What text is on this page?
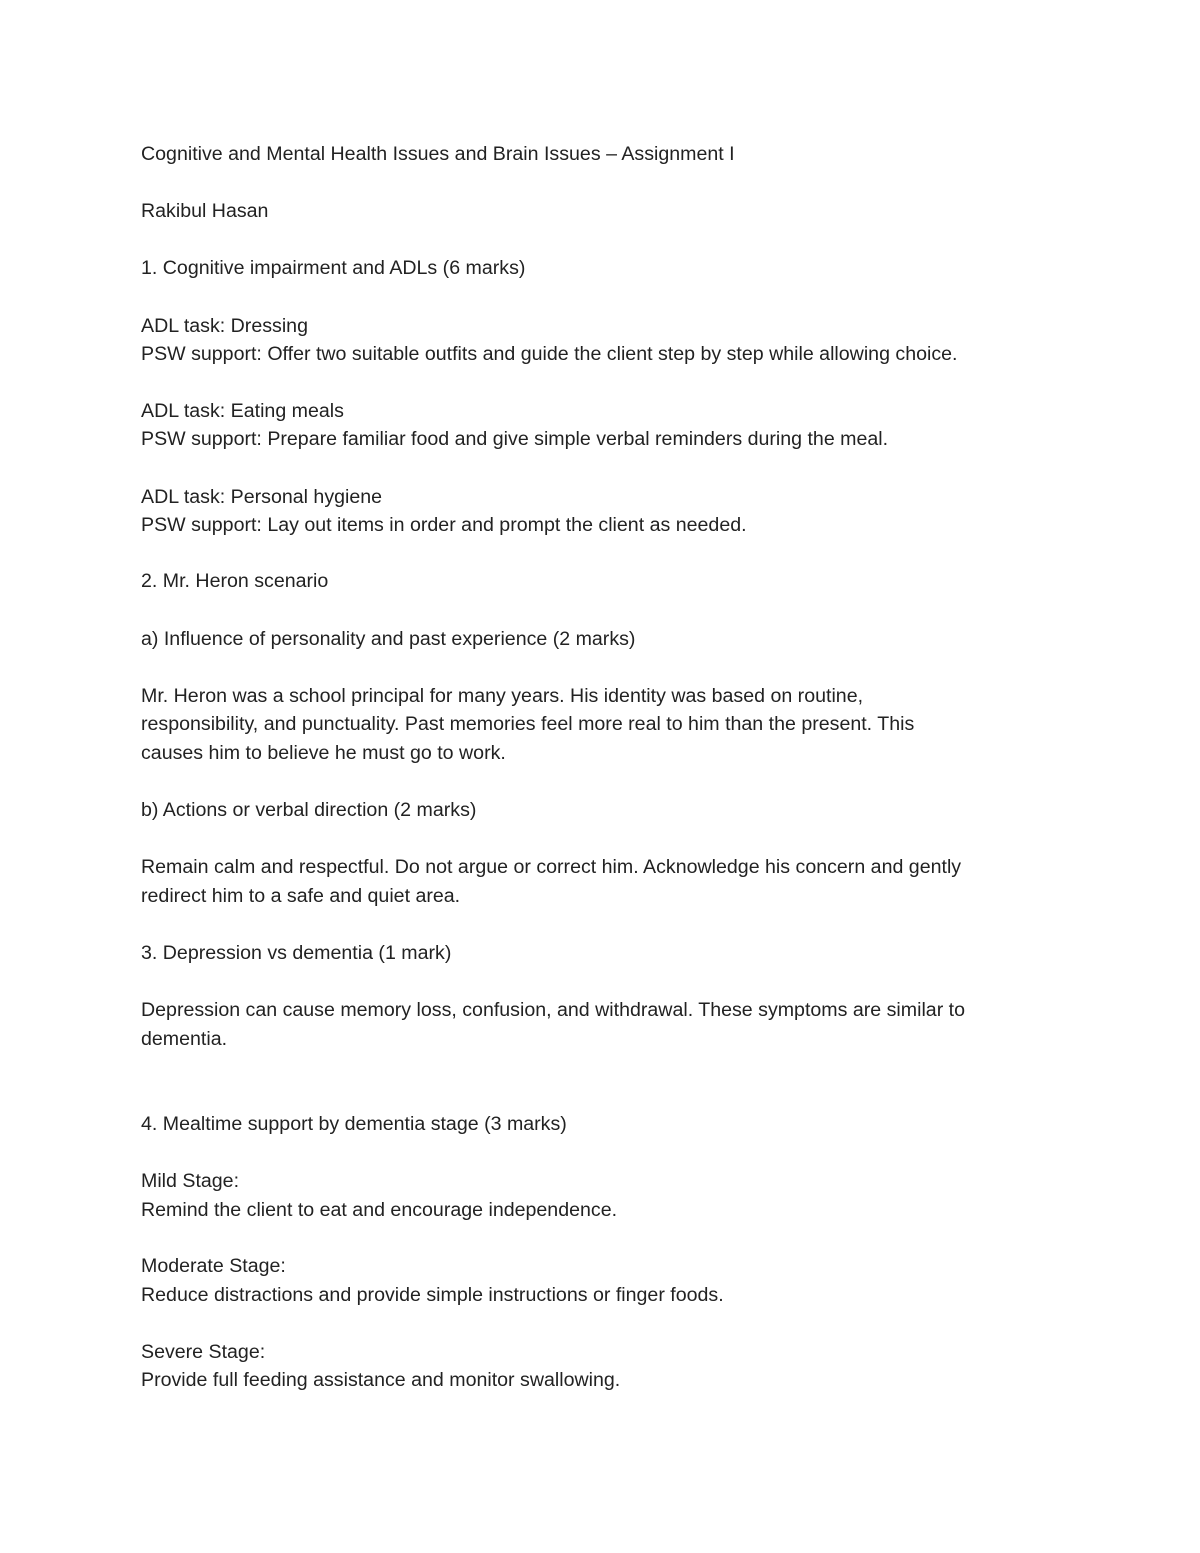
Cognitive and Mental Health Issues and Brain Issues – Assignment I
Rakibul Hasan
1. Cognitive impairment and ADLs (6 marks)
ADL task: Dressing
PSW support: Offer two suitable outfits and guide the client step by step while allowing choice.
ADL task: Eating meals
PSW support: Prepare familiar food and give simple verbal reminders during the meal.
ADL task: Personal hygiene
PSW support: Lay out items in order and prompt the client as needed.
2. Mr. Heron scenario
a) Influence of personality and past experience (2 marks)
Mr. Heron was a school principal for many years. His identity was based on routine,
responsibility, and punctuality. Past memories feel more real to him than the present. This
causes him to believe he must go to work.
b) Actions or verbal direction (2 marks)
Remain calm and respectful. Do not argue or correct him. Acknowledge his concern and gently
redirect him to a safe and quiet area.
3. Depression vs dementia (1 mark)
Depression can cause memory loss, confusion, and withdrawal. These symptoms are similar to
dementia.
4. Mealtime support by dementia stage (3 marks)
Mild Stage:
Remind the client to eat and encourage independence.
Moderate Stage:
Reduce distractions and provide simple instructions or finger foods.
Severe Stage:
Provide full feeding assistance and monitor swallowing.
